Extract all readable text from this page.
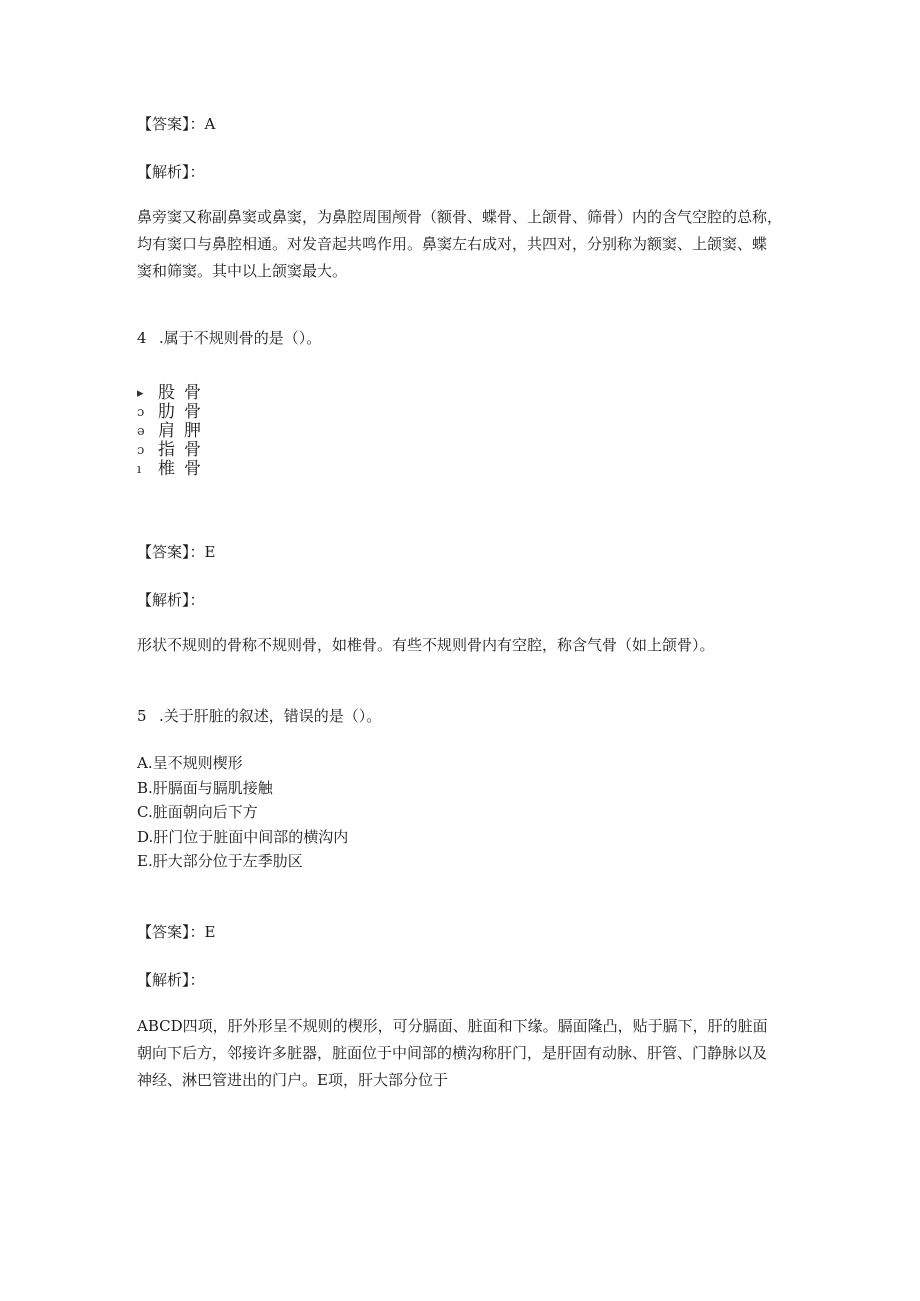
【答案】：A
【解析】：
鼻旁窦又称副鼻窦或鼻窦，为鼻腔周围颅骨（额骨、蝶骨、上颌骨、筛骨）内的含气空腔的总称，
均有窦口与鼻腔相通。对发音起共鸣作用。鼻窦左右成对，共四对，分别称为额窦、上颌窦、蝶
窦和筛窦。其中以上颌窦最大。
4 .属于不规则骨的是（）。
▸ 股骨
ɔ 肋骨
ə 肩胛
ɔ 指骨
ı 椎骨
【答案】：E
【解析】：
形状不规则的骨称不规则骨，如椎骨。有些不规则骨内有空腔，称含气骨（如上颌骨）。
5 .关于肝脏的叙述，错误的是（）。
A.呈不规则楔形
B.肝膈面与膈肌接触
C.脏面朝向后下方
D.肝门位于脏面中间部的横沟内
E.肝大部分位于左季肋区
【答案】：E
【解析】：
ABCD四项，肝外形呈不规则的楔形，可分膈面、脏面和下缘。膈面隆凸，贴于膈下，肝的脏面
朝向下后方，邻接许多脏器，脏面位于中间部的横沟称肝门，是肝固有动脉、肝管、门静脉以及
神经、淋巴管进出的门户。E项，肝大部分位于
